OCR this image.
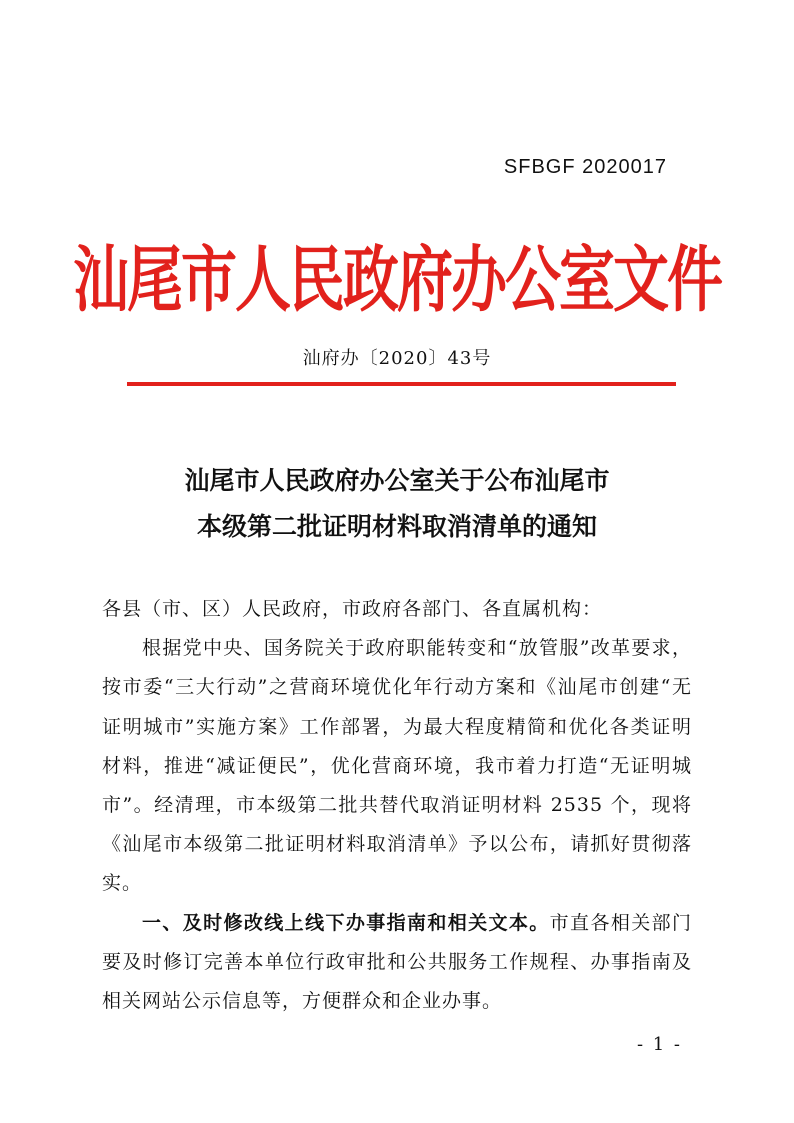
SFBGF 2020017
汕尾市人民政府办公室文件
汕府办〔2020〕43号
汕尾市人民政府办公室关于公布汕尾市
本级第二批证明材料取消清单的通知

各县（市、区）人民政府，市政府各部门、各直属机构：

根据党中央、国务院关于政府职能转变和“放管服”改革要求，按市委“三大行动”之营商环境优化年行动方案和《汕尾市创建“无证明城市”实施方案》工作部署，为最大程度精简和优化各类证明材料，推进“减证便民”，优化营商环境，我市着力打造“无证明城市”。经清理，市本级第二批共替代取消证明材料 2535 个，现将《汕尾市本级第二批证明材料取消清单》予以公布，请抓好贯彻落实。

一、及时修改线上线下办事指南和相关文本。市直各相关部门要及时修订完善本单位行政审批和公共服务工作规程、办事指南及相关网站公示信息等，方便群众和企业办事。

- 1 -
